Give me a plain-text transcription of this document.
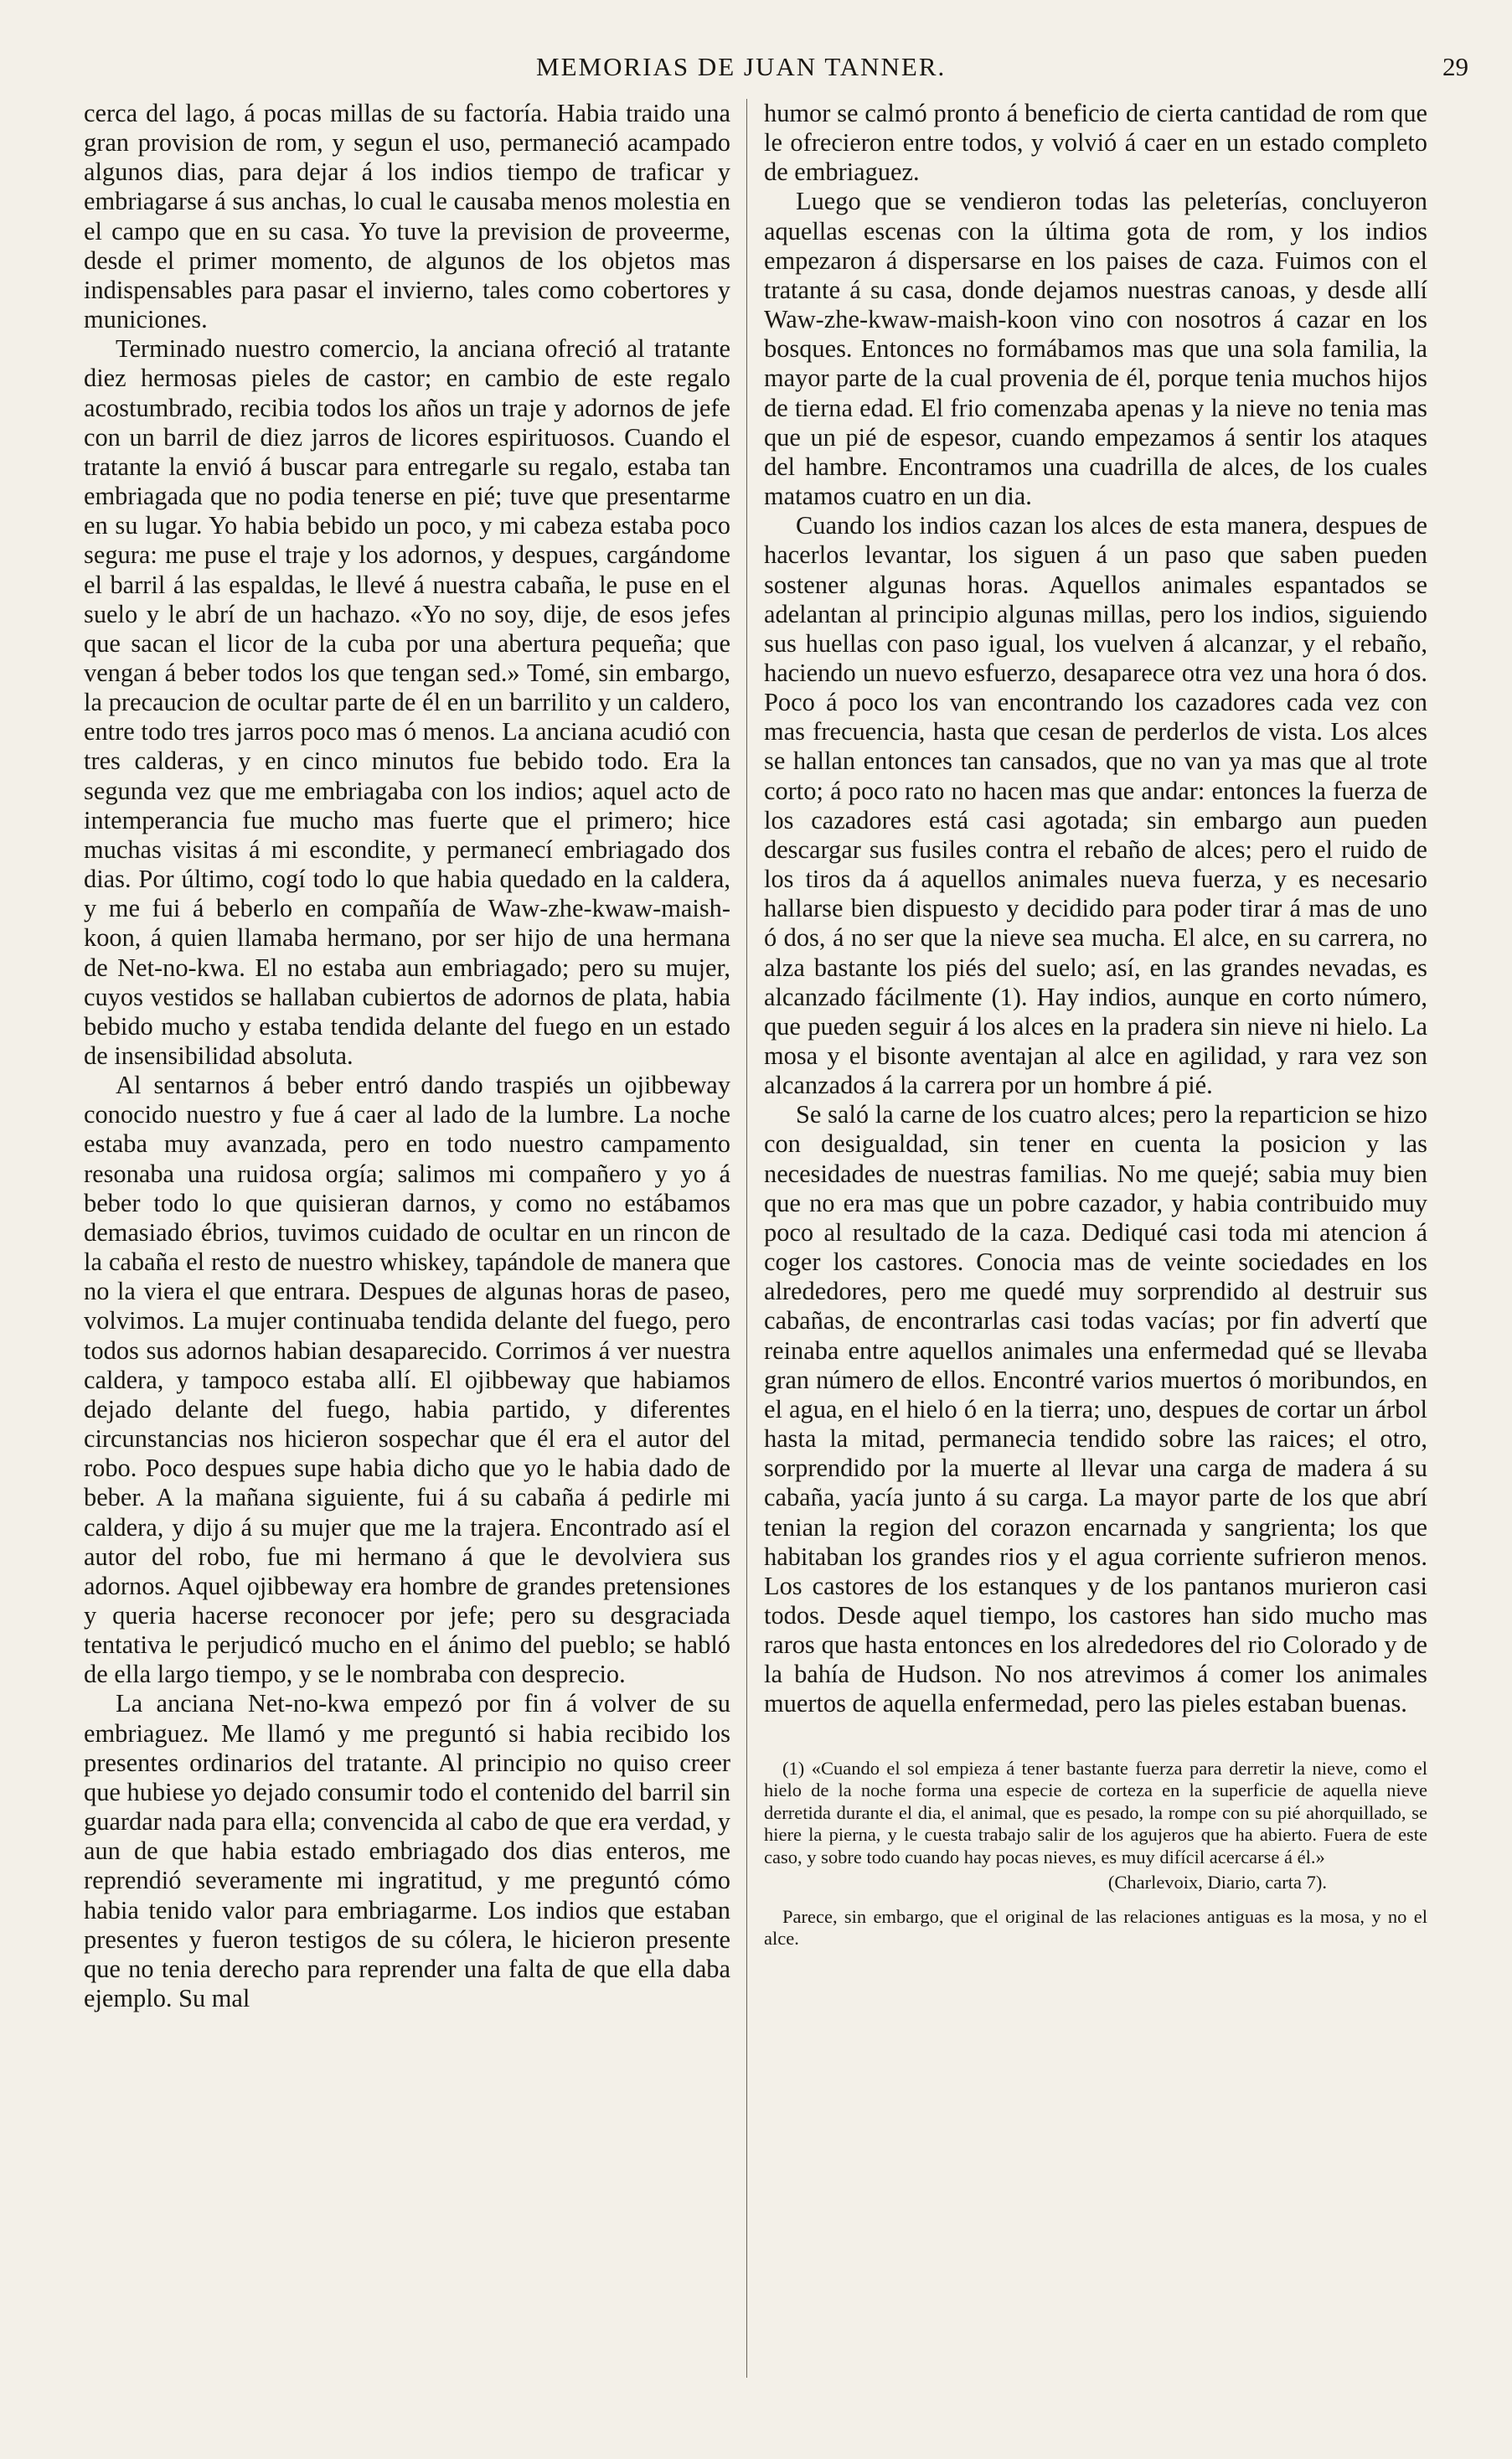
MEMORIAS DE JUAN TANNER.	29

cerca del lago, á pocas millas de su factoría. Habia traido una gran provision de rom, y segun el uso, permaneció acampado algunos dias, para dejar á los indios tiempo de traficar y embriagarse á sus anchas, lo cual le causaba menos molestia en el campo que en su casa. Yo tuve la prevision de proveerme, desde el primer momento, de algunos de los objetos mas indispensables para pasar el invierno, tales como cobertores y municiones.

Terminado nuestro comercio, la anciana ofreció al tratante diez hermosas pieles de castor; en cambio de este regalo acostumbrado, recibia todos los años un traje y adornos de jefe con un barril de diez jarros de licores espirituosos. Cuando el tratante la envió á buscar para entregarle su regalo, estaba tan embriagada que no podia tenerse en pié; tuve que presentarme en su lugar. Yo habia bebido un poco, y mi cabeza estaba poco segura: me puse el traje y los adornos, y despues, cargándome el barril á las espaldas, le llevé á nuestra cabaña, le puse en el suelo y le abrí de un hachazo. «Yo no soy, dije, de esos jefes que sacan el licor de la cuba por una abertura pequeña; que vengan á beber todos los que tengan sed.» Tomé, sin embargo, la precaucion de ocultar parte de él en un barrilito y un caldero, entre todo tres jarros poco mas ó menos. La anciana acudió con tres calderas, y en cinco minutos fue bebido todo. Era la segunda vez que me embriagaba con los indios; aquel acto de intemperancia fue mucho mas fuerte que el primero; hice muchas visitas á mi escondite, y permanecí embriagado dos dias. Por último, cogí todo lo que habia quedado en la caldera, y me fui á beberlo en compañía de Waw-zhe-kwaw-maish-koon, á quien llamaba hermano, por ser hijo de una hermana de Net-no-kwa. El no estaba aun embriagado; pero su mujer, cuyos vestidos se hallaban cubiertos de adornos de plata, habia bebido mucho y estaba tendida delante del fuego en un estado de insensibilidad absoluta.

Al sentarnos á beber entró dando traspiés un ojibbeway conocido nuestro y fue á caer al lado de la lumbre. La noche estaba muy avanzada, pero en todo nuestro campamento resonaba una ruidosa orgía; salimos mi compañero y yo á beber todo lo que quisieran darnos, y como no estábamos demasiado ébrios, tuvimos cuidado de ocultar en un rincon de la cabaña el resto de nuestro whiskey, tapándole de manera que no la viera el que entrara. Despues de algunas horas de paseo, volvimos. La mujer continuaba tendida delante del fuego, pero todos sus adornos habian desaparecido. Corrimos á ver nuestra caldera, y tampoco estaba allí. El ojibbeway que habiamos dejado delante del fuego, habia partido, y diferentes circunstancias nos hicieron sospechar que él era el autor del robo. Poco despues supe habia dicho que yo le habia dado de beber. A la mañana siguiente, fui á su cabaña á pedirle mi caldera, y dijo á su mujer que me la trajera. Encontrado así el autor del robo, fue mi hermano á que le devolviera sus adornos. Aquel ojibbeway era hombre de grandes pretensiones y queria hacerse reconocer por jefe; pero su desgraciada tentativa le perjudicó mucho en el ánimo del pueblo; se habló de ella largo tiempo, y se le nombraba con desprecio.

La anciana Net-no-kwa empezó por fin á volver de su embriaguez. Me llamó y me preguntó si habia recibido los presentes ordinarios del tratante. Al principio no quiso creer que hubiese yo dejado consumir todo el contenido del barril sin guardar nada para ella; convencida al cabo de que era verdad, y aun de que habia estado embriagado dos dias enteros, me reprendió severamente mi ingratitud, y me preguntó cómo habia tenido valor para embriagarme. Los indios que estaban presentes y fueron testigos de su cólera, le hicieron presente que no tenia derecho para reprender una falta de que ella daba ejemplo. Su mal

humor se calmó pronto á beneficio de cierta cantidad de rom que le ofrecieron entre todos, y volvió á caer en un estado completo de embriaguez.

Luego que se vendieron todas las peleterías, concluyeron aquellas escenas con la última gota de rom, y los indios empezaron á dispersarse en los paises de caza. Fuimos con el tratante á su casa, donde dejamos nuestras canoas, y desde allí Waw-zhe-kwaw-maish-koon vino con nosotros á cazar en los bosques. Entonces no formábamos mas que una sola familia, la mayor parte de la cual provenia de él, porque tenia muchos hijos de tierna edad. El frio comenzaba apenas y la nieve no tenia mas que un pié de espesor, cuando empezamos á sentir los ataques del hambre. Encontramos una cuadrilla de alces, de los cuales matamos cuatro en un dia.

Cuando los indios cazan los alces de esta manera, despues de hacerlos levantar, los siguen á un paso que saben pueden sostener algunas horas. Aquellos animales espantados se adelantan al principio algunas millas, pero los indios, siguiendo sus huellas con paso igual, los vuelven á alcanzar, y el rebaño, haciendo un nuevo esfuerzo, desaparece otra vez una hora ó dos. Poco á poco los van encontrando los cazadores cada vez con mas frecuencia, hasta que cesan de perderlos de vista. Los alces se hallan entonces tan cansados, que no van ya mas que al trote corto; á poco rato no hacen mas que andar: entonces la fuerza de los cazadores está casi agotada; sin embargo aun pueden descargar sus fusiles contra el rebaño de alces; pero el ruido de los tiros da á aquellos animales nueva fuerza, y es necesario hallarse bien dispuesto y decidido para poder tirar á mas de uno ó dos, á no ser que la nieve sea mucha. El alce, en su carrera, no alza bastante los piés del suelo; así, en las grandes nevadas, es alcanzado fácilmente (1). Hay indios, aunque en corto número, que pueden seguir á los alces en la pradera sin nieve ni hielo. La mosa y el bisonte aventajan al alce en agilidad, y rara vez son alcanzados á la carrera por un hombre á pié.

Se saló la carne de los cuatro alces; pero la reparticion se hizo con desigualdad, sin tener en cuenta la posicion y las necesidades de nuestras familias. No me quejé; sabia muy bien que no era mas que un pobre cazador, y habia contribuido muy poco al resultado de la caza. Dediqué casi toda mi atencion á coger los castores. Conocia mas de veinte sociedades en los alrededores, pero me quedé muy sorprendido al destruir sus cabañas, de encontrarlas casi todas vacías; por fin advertí que reinaba entre aquellos animales una enfermedad qué se llevaba gran número de ellos. Encontré varios muertos ó moribundos, en el agua, en el hielo ó en la tierra; uno, despues de cortar un árbol hasta la mitad, permanecia tendido sobre las raices; el otro, sorprendido por la muerte al llevar una carga de madera á su cabaña, yacía junto á su carga. La mayor parte de los que abrí tenian la region del corazon encarnada y sangrienta; los que habitaban los grandes rios y el agua corriente sufrieron menos. Los castores de los estanques y de los pantanos murieron casi todos. Desde aquel tiempo, los castores han sido mucho mas raros que hasta entonces en los alrededores del rio Colorado y de la bahía de Hudson. No nos atrevimos á comer los animales muertos de aquella enfermedad, pero las pieles estaban buenas.

(1) «Cuando el sol empieza á tener bastante fuerza para derretir la nieve, como el hielo de la noche forma una especie de corteza en la superficie de aquella nieve derretida durante el dia, el animal, que es pesado, la rompe con su pié ahorquillado, se hiere la pierna, y le cuesta trabajo salir de los agujeros que ha abierto. Fuera de este caso, y sobre todo cuando hay pocas nieves, es muy difícil acercarse á él.»

(Charlevoix, Diario, carta 7).

Parece, sin embargo, que el original de las relaciones antiguas es la mosa, y no el alce.
